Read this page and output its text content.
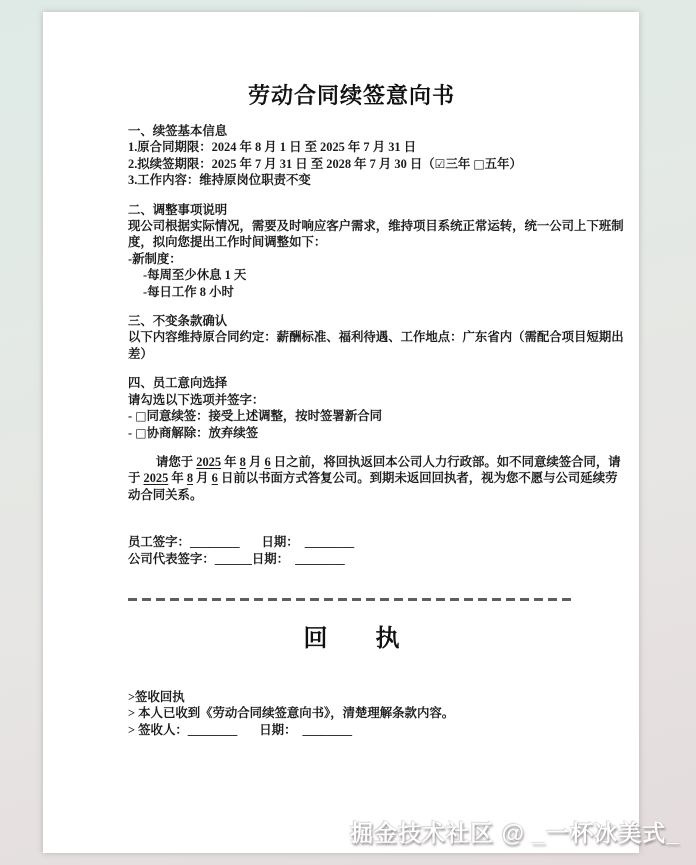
劳动合同续签意向书
一、续签基本信息
1.原合同期限：2024 年 8 月 1 日 至 2025 年 7 月 31 日
2.拟续签期限：2025 年 7 月 31 日 至 2028 年 7 月 30 日（☑三年 □五年）
3.工作内容：维持原岗位职责不变
二、调整事项说明
现公司根据实际情况，需要及时响应客户需求，维持项目系统正常运转，统一公司上下班制
度，拟向您提出工作时间调整如下：
-新制度：
-每周至少休息 1 天
-每日工作 8 小时
三、不变条款确认
以下内容维持原合同约定：薪酬标准、福利待遇、工作地点：广东省内（需配合项目短期出
差）
四、员工意向选择
请勾选以下选项并签字：
- □同意续签：接受上述调整，按时签署新合同
- □协商解除：放弃续签
请您于 2025 年 8 月 6 日之前，将回执返回本公司人力行政部。如不同意续签合同，请
于 2025 年 8 月 6 日前以书面方式答复公司。到期未返回回执者，视为您不愿与公司延续劳
动合同关系。
员工签字：________ 日期： ________
公司代表签字：______日期： ________
回　　执
>签收回执
> 本人已收到《劳动合同续签意向书》，清楚理解条款内容。
> 签收人：________ 日期： ________
掘金技术社区 @ _一杯冰美式_
